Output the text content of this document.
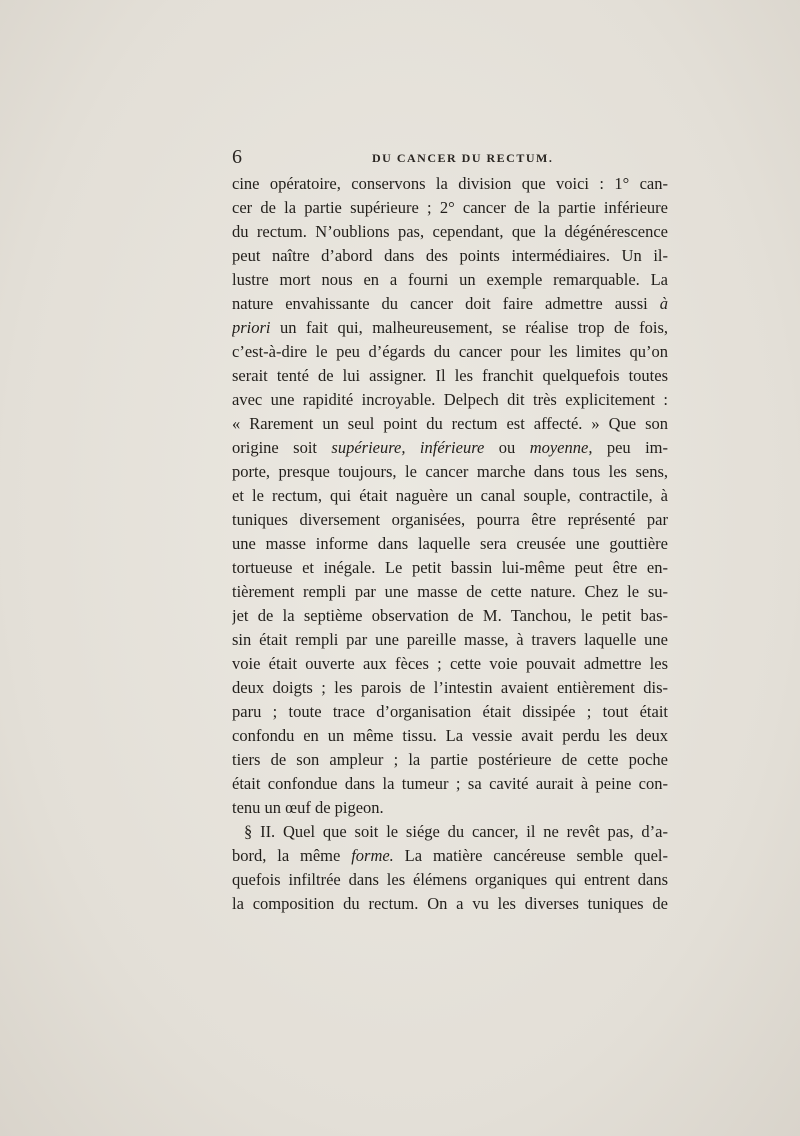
6	DU CANCER DU RECTUM.
cine opératoire, conservons la division que voici : 1° can-
cer de la partie supérieure ; 2° cancer de la partie inférieure
du rectum. N’oublions pas, cependant, que la dégénérescence
peut naître d’abord dans des points intermédiaires. Un il-
lustre mort nous en a fourni un exemple remarquable. La
nature envahissante du cancer doit faire admettre aussi à
priori un fait qui, malheureusement, se réalise trop de fois,
c’est-à-dire le peu d’égards du cancer pour les limites qu’on
serait tenté de lui assigner. Il les franchit quelquefois toutes
avec une rapidité incroyable. Delpech dit très explicitement :
« Rarement un seul point du rectum est affecté. » Que son
origine soit supérieure, inférieure ou moyenne, peu im-
porte, presque toujours, le cancer marche dans tous les sens,
et le rectum, qui était naguère un canal souple, contractile, à
tuniques diversement organisées, pourra être représenté par
une masse informe dans laquelle sera creusée une gouttière
tortueuse et inégale. Le petit bassin lui-même peut être en-
tièrement rempli par une masse de cette nature. Chez le su-
jet de la septième observation de M. Tanchou, le petit bas-
sin était rempli par une pareille masse, à travers laquelle une
voie était ouverte aux fèces ; cette voie pouvait admettre les
deux doigts ; les parois de l’intestin avaient entièrement dis-
paru ; toute trace d’organisation était dissipée ; tout était
confondu en un même tissu. La vessie avait perdu les deux
tiers de son ampleur ; la partie postérieure de cette poche
était confondue dans la tumeur ; sa cavité aurait à peine con-
tenu un œuf de pigeon.
§ II. Quel que soit le siége du cancer, il ne revêt pas, d’a-
bord, la même forme. La matière cancéreuse semble quel-
quefois infiltrée dans les élémens organiques qui entrent dans
la composition du rectum. On a vu les diverses tuniques de
